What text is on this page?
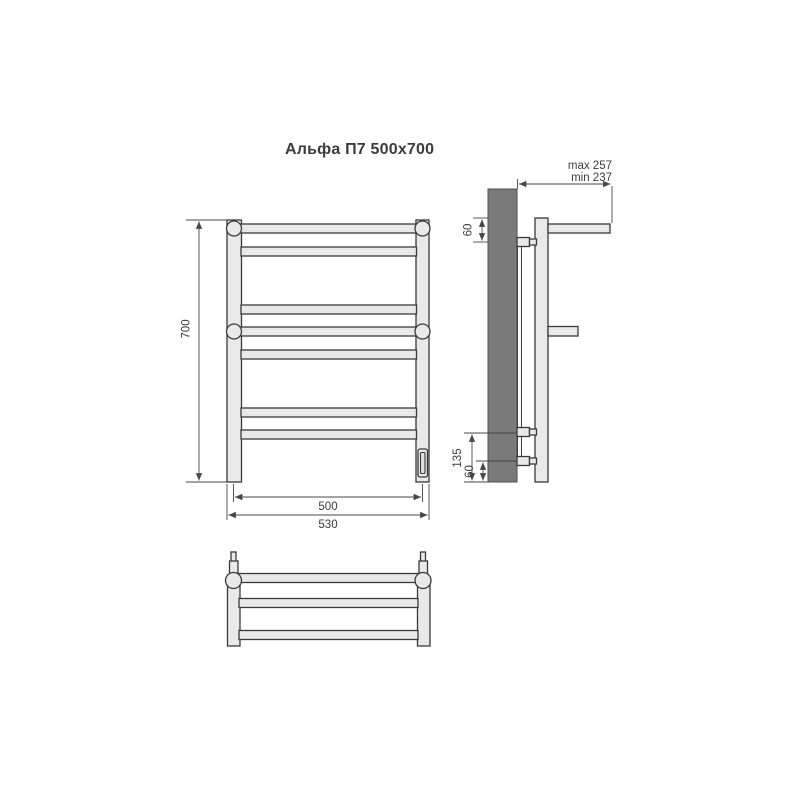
Альфа П7 500x700
700
500
530
max 257
min 237
60
135
60
